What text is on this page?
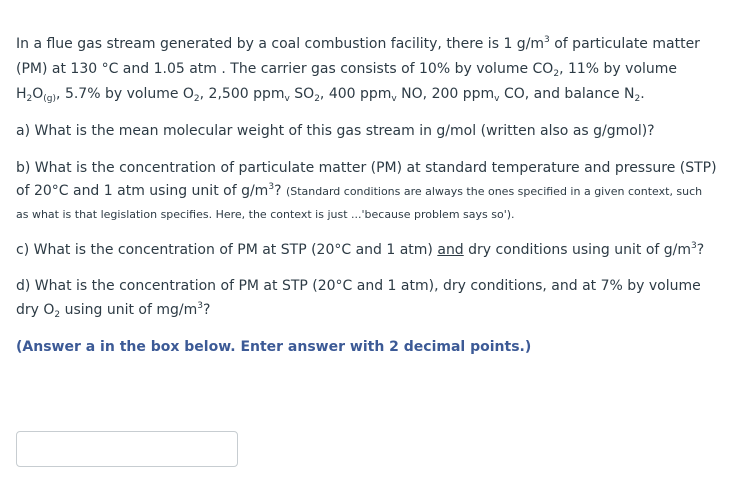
In a flue gas stream generated by a coal combustion facility, there is 1 $g/m^3$ of particulate matter
(PM) at 130 °C and 1.05 atm . The carrier gas consists of 10% by volume $CO_2$, 11% by volume
$H_2O_{(g)}$, 5.7% by volume $O_2$, 2,500 ppm$_v$ $SO_2$, 400 ppm$_v$ NO, 200 ppm$_v$ CO, and balance $N_2$.
a) What is the mean molecular weight of this gas stream in g/mol (written also as g/gmol)?
b) What is the concentration of particulate matter (PM) at standard temperature and pressure (STP)
of 20°C and 1 atm using unit of $g/m^3$? (Standard conditions are always the ones specified in a given context, such
as what is that legislation specifies. Here, the context is just ...'because problem says so').
c) What is the concentration of PM at STP (20°C and 1 atm) and dry conditions using unit of $g/m^3$?
d) What is the concentration of PM at STP (20°C and 1 atm), dry conditions, and at 7% by volume
dry $O_2$ using unit of $mg/m^3$?
(Answer a in the box below. Enter answer with 2 decimal points.)
